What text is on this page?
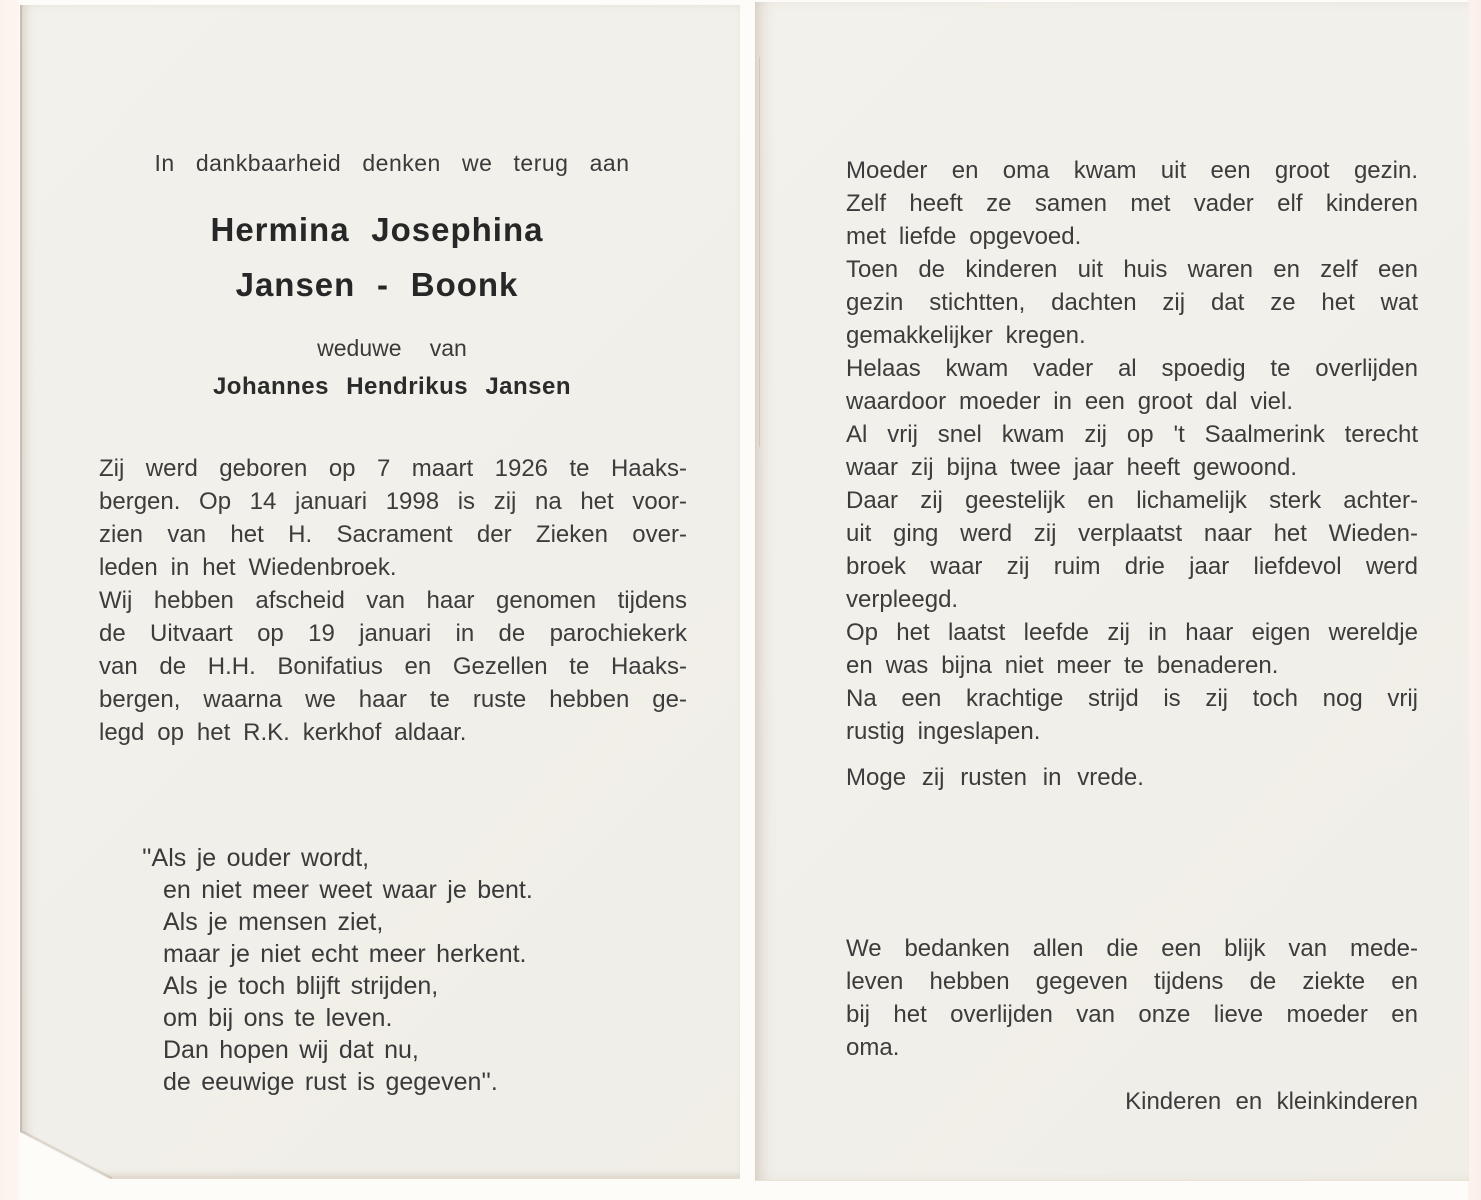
In dankbaarheid denken we terug aan
Hermina Josephina
Jansen - Boonk
weduwe van
Johannes Hendrikus Jansen
Zij werd geboren op 7 maart 1926 te Haaks-
bergen. Op 14 januari 1998 is zij na het voor-
zien van het H. Sacrament der Zieken over-
leden in het Wiedenbroek.
Wij hebben afscheid van haar genomen tijdens
de Uitvaart op 19 januari in de parochiekerk
van de H.H. Bonifatius en Gezellen te Haaks-
bergen, waarna we haar te ruste hebben ge-
legd op het R.K. kerkhof aldaar.
''Als je ouder wordt,
en niet meer weet waar je bent.
Als je mensen ziet,
maar je niet echt meer herkent.
Als je toch blijft strijden,
om bij ons te leven.
Dan hopen wij dat nu,
de eeuwige rust is gegeven''.
Moeder en oma kwam uit een groot gezin.
Zelf heeft ze samen met vader elf kinderen
met liefde opgevoed.
Toen de kinderen uit huis waren en zelf een
gezin stichtten, dachten zij dat ze het wat
gemakkelijker kregen.
Helaas kwam vader al spoedig te overlijden
waardoor moeder in een groot dal viel.
Al vrij snel kwam zij op 't Saalmerink terecht
waar zij bijna twee jaar heeft gewoond.
Daar zij geestelijk en lichamelijk sterk achter-
uit ging werd zij verplaatst naar het Wieden-
broek waar zij ruim drie jaar liefdevol werd
verpleegd.
Op het laatst leefde zij in haar eigen wereldje
en was bijna niet meer te benaderen.
Na een krachtige strijd is zij toch nog vrij
rustig ingeslapen.
Moge zij rusten in vrede.
We bedanken allen die een blijk van mede-
leven hebben gegeven tijdens de ziekte en
bij het overlijden van onze lieve moeder en
oma.
Kinderen en kleinkinderen
